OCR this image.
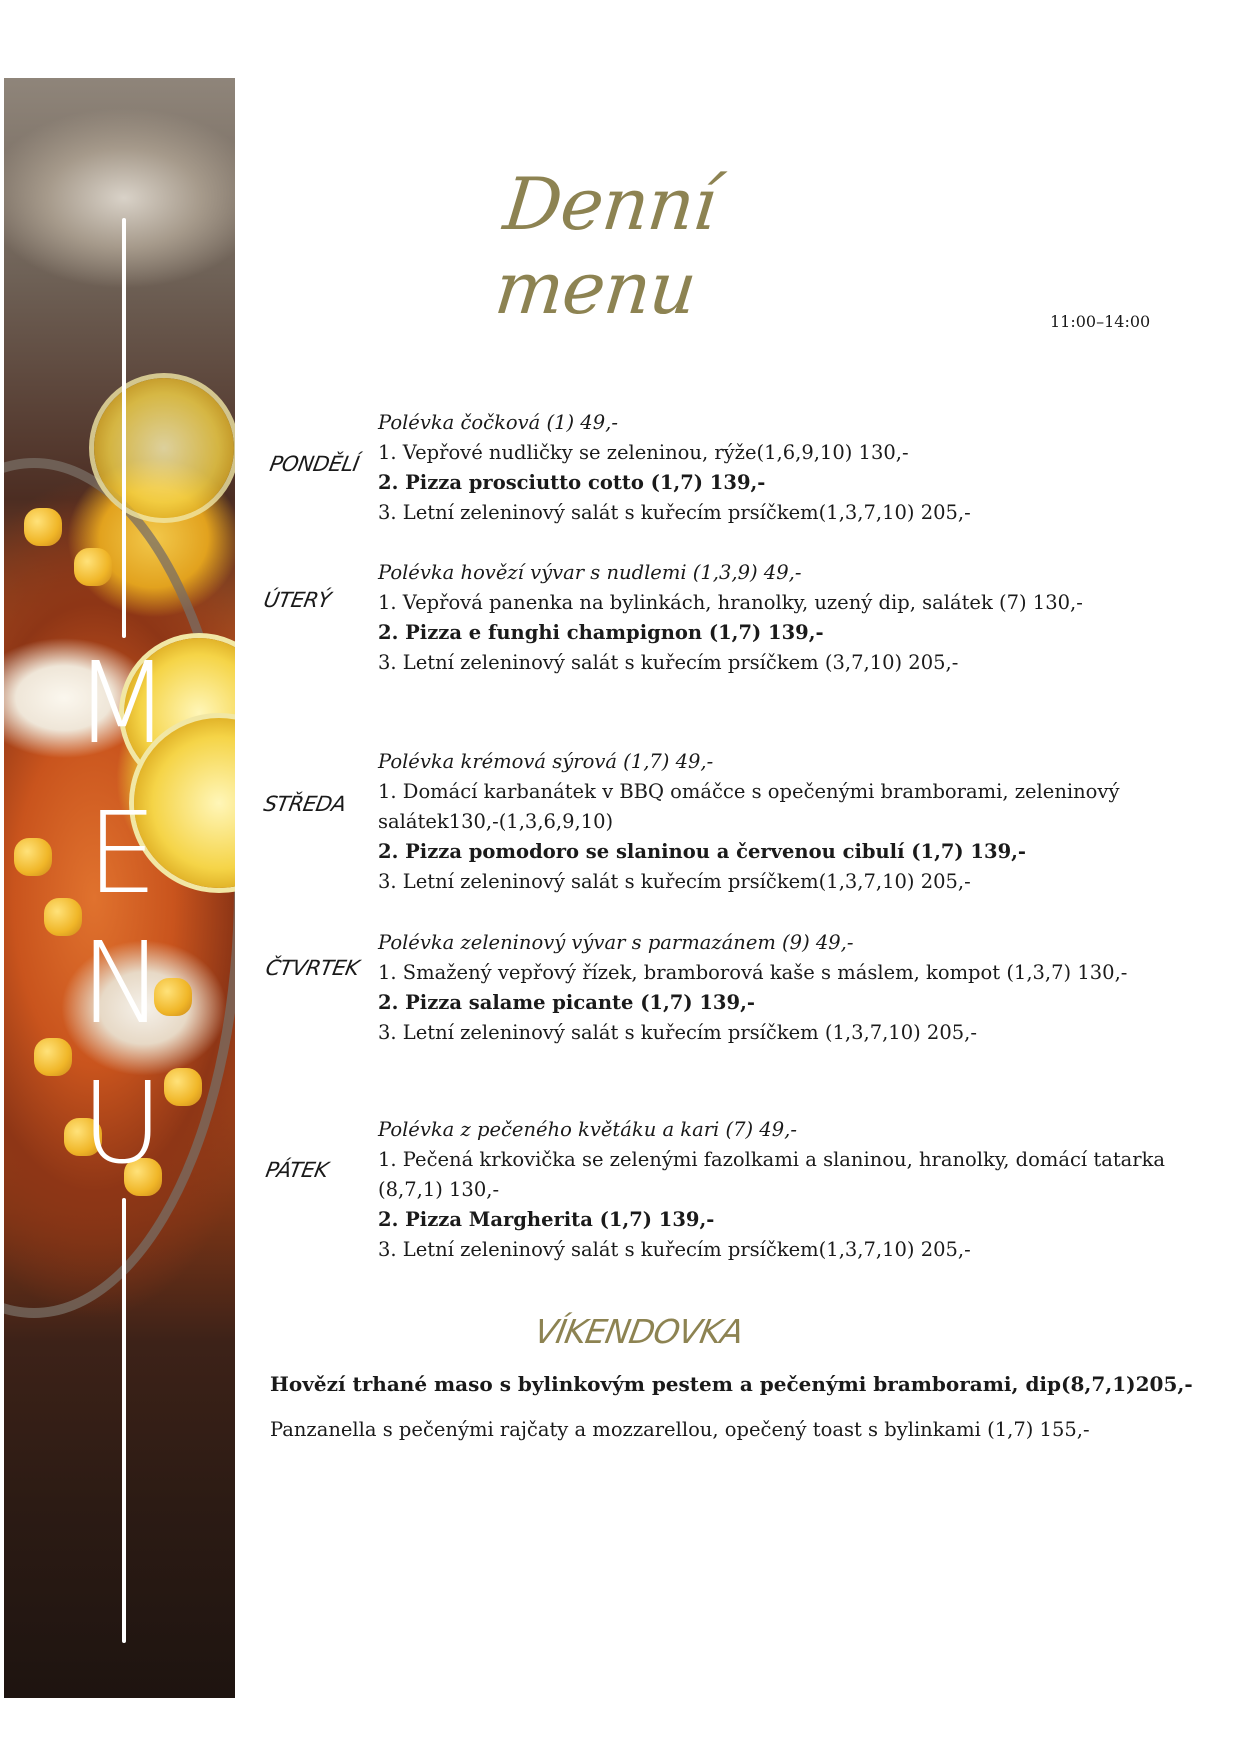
M
E
N
U
Denní menu	11:00–14:00
PONDĚLÍ
Polévka čočková (1) 49,-
1. Vepřové nudličky se zeleninou, rýže(1,6,9,10) 130,-
2. Pizza prosciutto cotto (1,7) 139,-
3. Letní zeleninový salát s kuřecím prsíčkem(1,3,7,10) 205,-
ÚTERÝ
Polévka hovězí vývar s nudlemi (1,3,9) 49,-
1. Vepřová panenka na bylinkách, hranolky, uzený dip, salátek (7) 130,-
2. Pizza e funghi champignon (1,7) 139,-
3. Letní zeleninový salát s kuřecím prsíčkem (3,7,10) 205,-
STŘEDA
Polévka krémová sýrová (1,7) 49,-
1. Domácí karbanátek v BBQ omáčce s opečenými bramborami, zeleninový salátek130,-(1,3,6,9,10)
2. Pizza pomodoro se slaninou a červenou cibulí (1,7) 139,-
3. Letní zeleninový salát s kuřecím prsíčkem(1,3,7,10) 205,-
ČTVRTEK
Polévka zeleninový vývar s parmazánem (9) 49,-
1. Smažený vepřový řízek, bramborová kaše s máslem, kompot (1,3,7) 130,-
2. Pizza salame picante (1,7) 139,-
3. Letní zeleninový salát s kuřecím prsíčkem (1,3,7,10) 205,-
PÁTEK
Polévka z pečeného květáku a kari (7) 49,-
1. Pečená krkovička se zelenými fazolkami a slaninou, hranolky, domácí tatarka (8,7,1) 130,-
2. Pizza Margherita (1,7) 139,-
3. Letní zeleninový salát s kuřecím prsíčkem(1,3,7,10) 205,-
VÍKENDOVKA
Hovězí trhané maso s bylinkovým pestem a pečenými bramborami, dip(8,7,1)205,-
Panzanella s pečenými rajčaty a mozzarellou, opečený toast s bylinkami (1,7) 155,-
